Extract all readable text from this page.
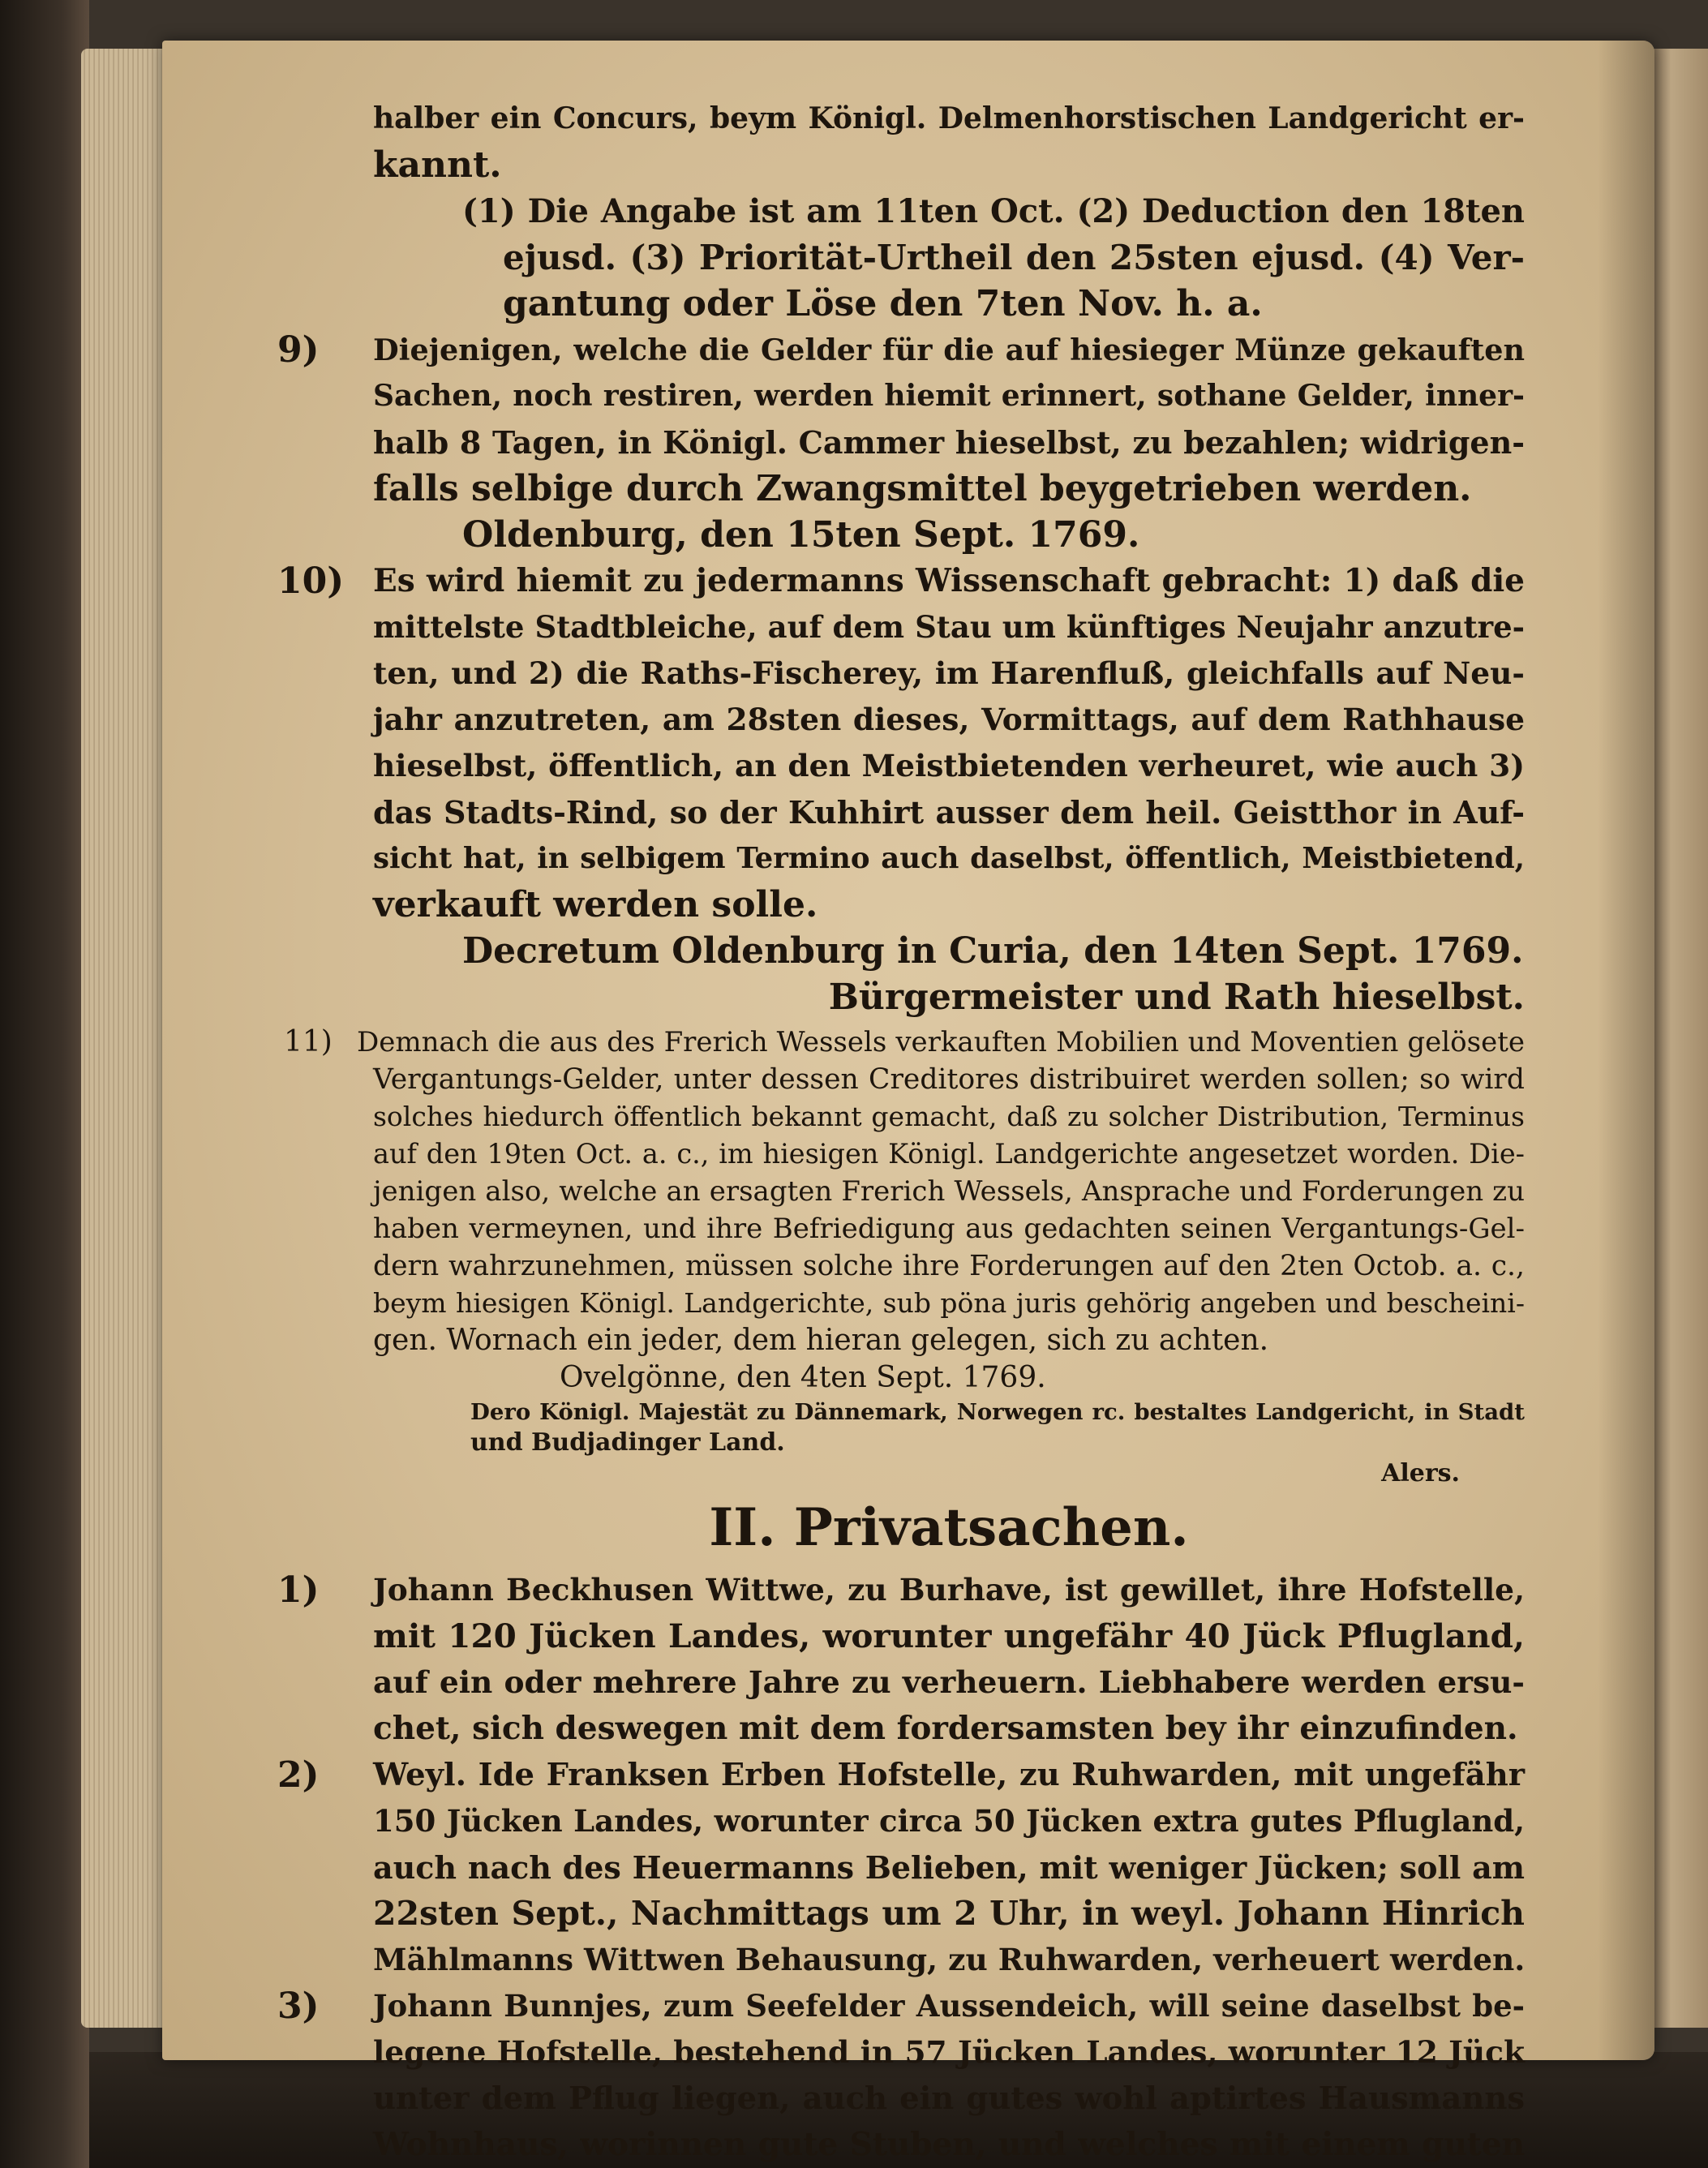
halber ein Concurs, beym Königl. Delmenhorstischen Landgericht er-
kannt.
(1) Die Angabe ist am 11ten Oct. (2) Deduction den 18ten
ejusd. (3) Priorität-Urtheil den 25sten ejusd. (4) Ver-
gantung oder Löse den 7ten Nov. h. a.
9)	Diejenigen, welche die Gelder für die auf hiesieger Münze gekauften
Sachen, noch restiren, werden hiemit erinnert, sothane Gelder, inner-
halb 8 Tagen, in Königl. Cammer hieselbst, zu bezahlen; widrigen-
falls selbige durch Zwangsmittel beygetrieben werden.
Oldenburg, den 15ten Sept. 1769.
10) Es wird hiemit zu jedermanns Wissenschaft gebracht: 1) daß die
mittelste Stadtbleiche, auf dem Stau um künftiges Neujahr anzutre-
ten, und 2) die Raths-Fischerey, im Harenfluß, gleichfalls auf Neu-
jahr anzutreten, am 28sten dieses, Vormittags, auf dem Rathhause
hieselbst, öffentlich, an den Meistbietenden verheuret, wie auch 3)
das Stadts-Rind, so der Kuhhirt ausser dem heil. Geistthor in Auf-
sicht hat, in selbigem Termino auch daselbst, öffentlich, Meistbietend,
verkauft werden solle.
Decretum Oldenburg in Curia, den 14ten Sept. 1769.
Bürgermeister und Rath hieselbst.
11) Demnach die aus des Frerich Wessels verkauften Mobilien und Moventien gelösete
Vergantungs-Gelder, unter dessen Creditores distribuiret werden sollen; so wird
solches hiedurch öffentlich bekannt gemacht, daß zu solcher Distribution, Terminus
auf den 19ten Oct. a. c., im hiesigen Königl. Landgerichte angesetzet worden. Die-
jenigen also, welche an ersagten Frerich Wessels, Ansprache und Forderungen zu
haben vermeynen, und ihre Befriedigung aus gedachten seinen Vergantungs-Gel-
dern wahrzunehmen, müssen solche ihre Forderungen auf den 2ten Octob. a. c.,
beym hiesigen Königl. Landgerichte, sub pöna juris gehörig angeben und bescheini-
gen. Wornach ein jeder, dem hieran gelegen, sich zu achten.
Ovelgönne, den 4ten Sept. 1769.
Dero Königl. Majestät zu Dännemark, Norwegen rc. bestaltes Landgericht, in Stadt
und Budjadinger Land.
Alers.
II. Privatsachen.
1)	Johann Beckhusen Wittwe, zu Burhave, ist gewillet, ihre Hofstelle,
mit 120 Jücken Landes, worunter ungefähr 40 Jück Pflugland,
auf ein oder mehrere Jahre zu verheuern. Liebhabere werden ersu-
chet, sich deswegen mit dem fordersamsten bey ihr einzufinden.
2)	Weyl. Ide Franksen Erben Hofstelle, zu Ruhwarden, mit ungefähr
150 Jücken Landes, worunter circa 50 Jücken extra gutes Pflugland,
auch nach des Heuermanns Belieben, mit weniger Jücken; soll am
22sten Sept., Nachmittags um 2 Uhr, in weyl. Johann Hinrich
Mählmanns Wittwen Behausung, zu Ruhwarden, verheuert werden.
3)	Johann Bunnjes, zum Seefelder Aussendeich, will seine daselbst be-
legene Hofstelle, bestehend in 57 Jücken Landes, worunter 12 Jück
unter dem Pflug liegen, auch ein gutes wohl aptirtes Hausmanns
Wohnhaus, worinnen gute Stuben, und welches mit einem guten
